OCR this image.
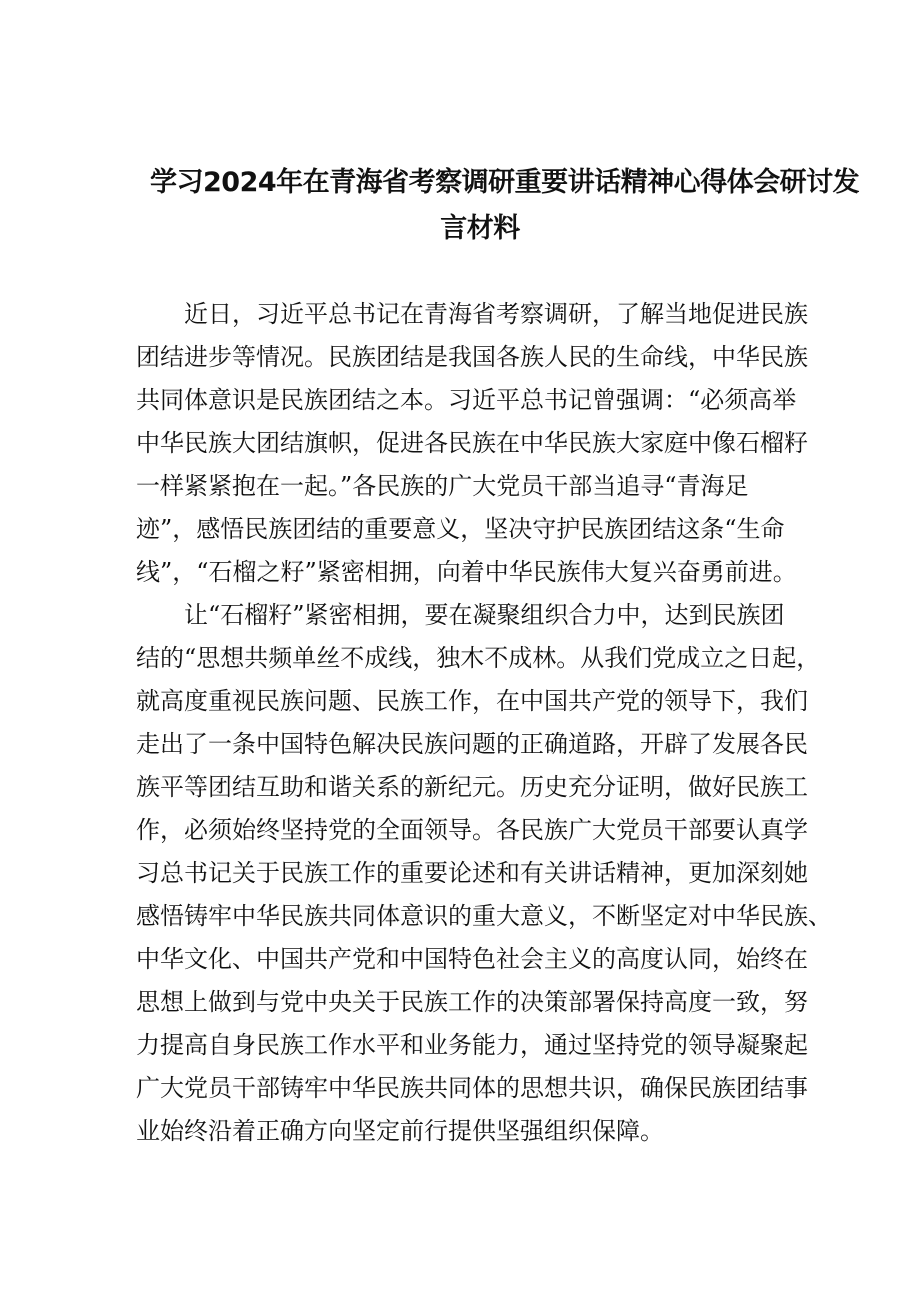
学习2024年在青海省考察调研重要讲话精神心得体会研讨发
言材料
　　近日，习近平总书记在青海省考察调研，了解当地促进民族
团结进步等情况。民族团结是我国各族人民的生命线，中华民族
共同体意识是民族团结之本。习近平总书记曾强调：“必须高举
中华民族大团结旗帜，促进各民族在中华民族大家庭中像石榴籽
一样紧紧抱在一起。”各民族的广大党员干部当追寻“青海足
迹”，感悟民族团结的重要意义，坚决守护民族团结这条“生命
线”，“石榴之籽”紧密相拥，向着中华民族伟大复兴奋勇前进。
　　让“石榴籽”紧密相拥，要在凝聚组织合力中，达到民族团
结的“思想共频单丝不成线，独木不成林。从我们党成立之日起，
就高度重视民族问题、民族工作，在中国共产党的领导下，我们
走出了一条中国特色解决民族问题的正确道路，开辟了发展各民
族平等团结互助和谐关系的新纪元。历史充分证明，做好民族工
作，必须始终坚持党的全面领导。各民族广大党员干部要认真学
习总书记关于民族工作的重要论述和有关讲话精神，更加深刻她
感悟铸牢中华民族共同体意识的重大意义，不断坚定对中华民族、
中华文化、中国共产党和中国特色社会主义的高度认同，始终在
思想上做到与党中央关于民族工作的决策部署保持高度一致，努
力提高自身民族工作水平和业务能力，通过坚持党的领导凝聚起
广大党员干部铸牢中华民族共同体的思想共识，确保民族团结事
业始终沿着正确方向坚定前行提供坚强组织保障。
